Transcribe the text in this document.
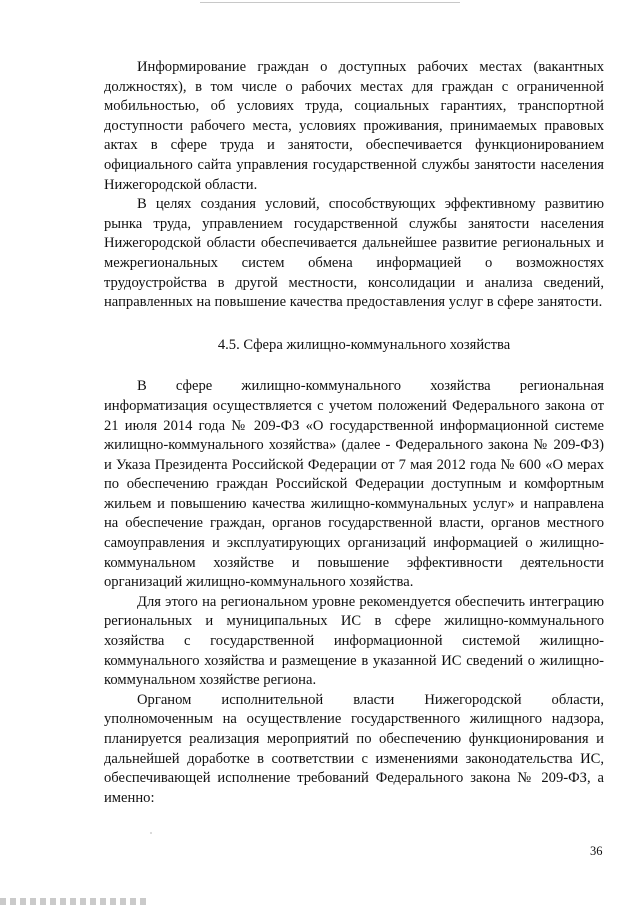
Информирование граждан о доступных рабочих местах (вакантных должностях), в том числе о рабочих местах для граждан с ограниченной мобильностью, об условиях труда, социальных гарантиях, транспортной доступности рабочего места, условиях проживания, принимаемых правовых актах в сфере труда и занятости, обеспечивается функционированием официального сайта управления государственной службы занятости населения Нижегородской области.

В целях создания условий, способствующих эффективному развитию рынка труда, управлением государственной службы занятости населения Нижегородской области обеспечивается дальнейшее развитие региональных и межрегиональных систем обмена информацией о возможностях трудоустройства в другой местности, консолидации и анализа сведений, направленных на повышение качества предоставления услуг в сфере занятости.

4.5. Сфера жилищно-коммунального хозяйства

В сфере жилищно-коммунального хозяйства региональная информатизация осуществляется с учетом положений Федерального закона от 21 июля 2014 года № 209-ФЗ «О государственной информационной системе жилищно-коммунального хозяйства» (далее - Федерального закона № 209-ФЗ) и Указа Президента Российской Федерации от 7 мая 2012 года № 600 «О мерах по обеспечению граждан Российской Федерации доступным и комфортным жильем и повышению качества жилищно-коммунальных услуг» и направлена на обеспечение граждан, органов государственной власти, органов местного самоуправления и эксплуатирующих организаций информацией о жилищно-коммунальном хозяйстве и повышение эффективности деятельности организаций жилищно-коммунального хозяйства.

Для этого на региональном уровне рекомендуется обеспечить интеграцию региональных и муниципальных ИС в сфере жилищно-коммунального хозяйства с государственной информационной системой жилищно-коммунального хозяйства и размещение в указанной ИС сведений о жилищно-коммунальном хозяйстве региона.

Органом исполнительной власти Нижегородской области, уполномоченным на осуществление государственного жилищного надзора, планируется реализация мероприятий по обеспечению функционирования и дальнейшей доработке в соответствии с изменениями законодательства ИС, обеспечивающей исполнение требований Федерального закона № 209-ФЗ, а именно:

36
